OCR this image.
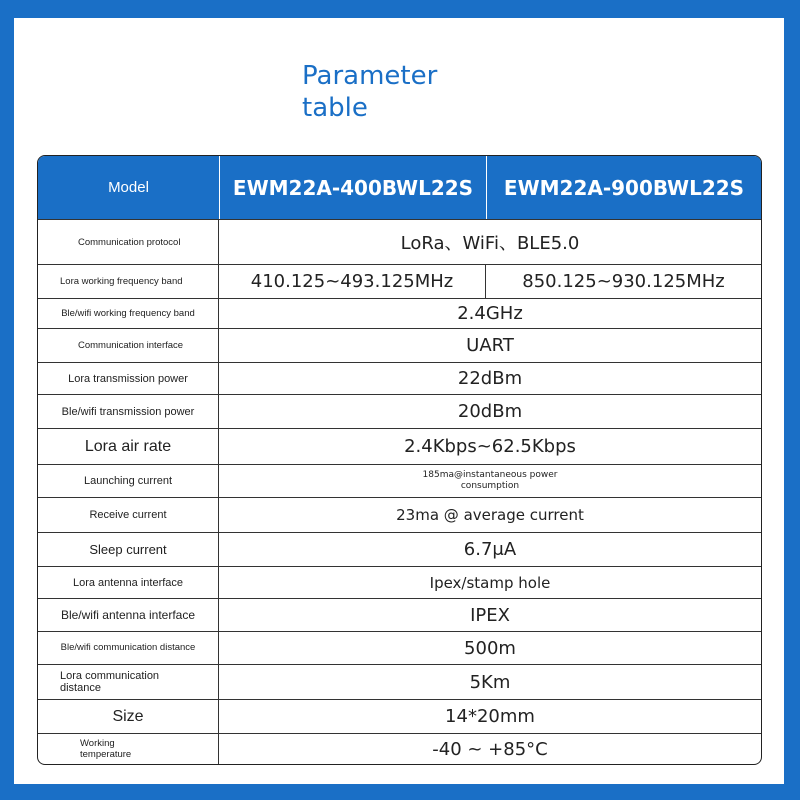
Parameter
table
Model	EWM22A-400BWL22S	EWM22A-900BWL22S
Communication protocol	LoRa、WiFi、BLE5.0
Lora working frequency band	410.125~493.125MHz	850.125~930.125MHz
Ble/wifi working frequency band	2.4GHz
Communication interface	UART
Lora transmission power	22dBm
Ble/wifi transmission power	20dBm
Lora air rate	2.4Kbps~62.5Kbps
Launching current	185ma@instantaneous power consumption
Receive current	23ma @ average current
Sleep current	6.7μA
Lora antenna interface	Ipex/stamp hole
Ble/wifi antenna interface	IPEX
Ble/wifi communication distance	500m
Lora communication distance	5Km
Size	14*20mm
Working temperature	-40 ~ +85°C
